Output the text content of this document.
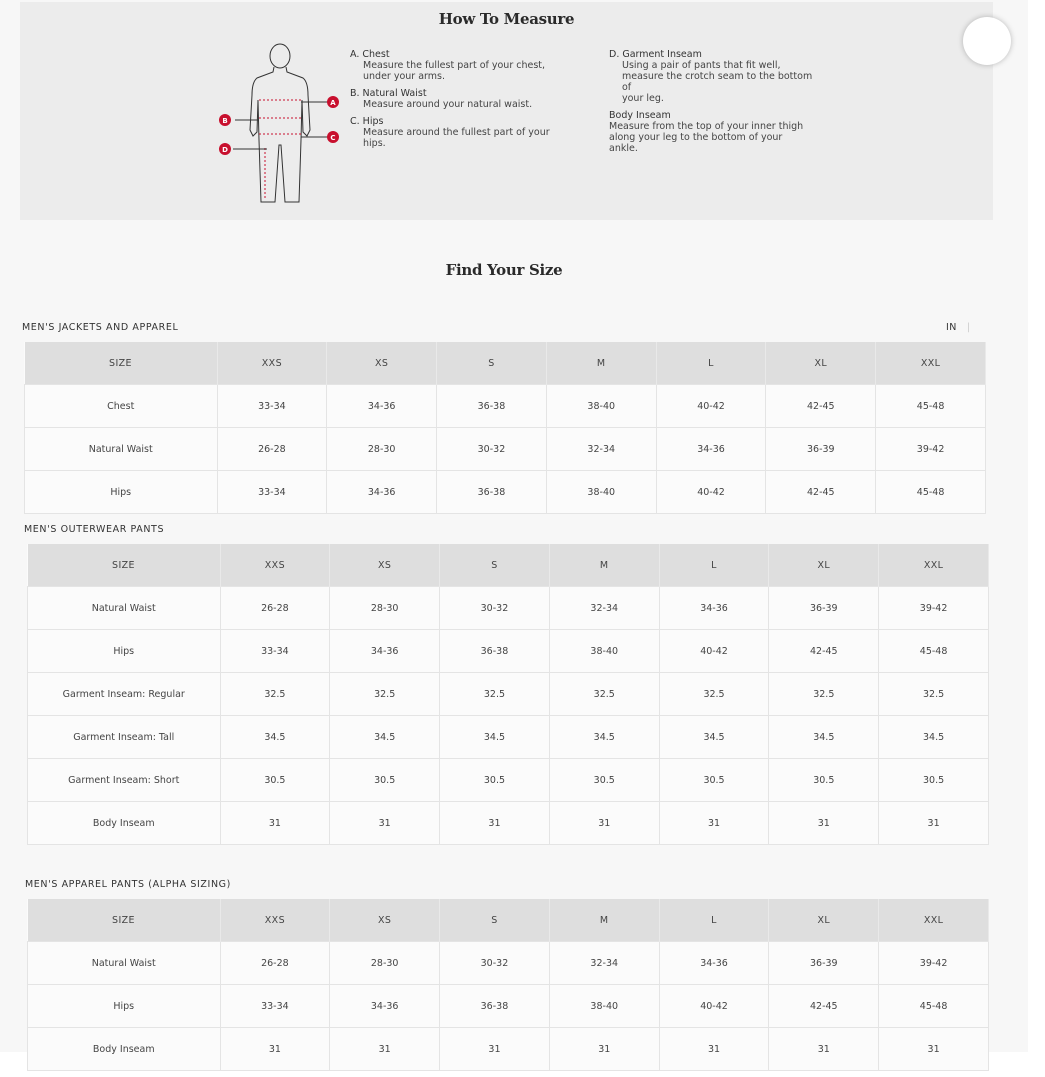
How To Measure
A
B
C
D
A. Chest
Measure the fullest part of your chest,
under your arms.
B. Natural Waist
Measure around your natural waist.
C. Hips
Measure around the fullest part of your
hips.
D. Garment Inseam
Using a pair of pants that fit well,
measure the crotch seam to the bottom of
your leg.
Body Inseam
Measure from the top of your inner thigh
along your leg to the bottom of your
ankle.
Find Your Size
MEN'S JACKETS AND APPAREL	IN |
SIZE	XXS	XS	S	M	L	XL	XXL
Chest	33-34	34-36	36-38	38-40	40-42	42-45	45-48
Natural Waist	26-28	28-30	30-32	32-34	34-36	36-39	39-42
Hips	33-34	34-36	36-38	38-40	40-42	42-45	45-48
MEN'S OUTERWEAR PANTS
SIZE	XXS	XS	S	M	L	XL	XXL
Natural Waist	26-28	28-30	30-32	32-34	34-36	36-39	39-42
Hips	33-34	34-36	36-38	38-40	40-42	42-45	45-48
Garment Inseam: Regular	32.5	32.5	32.5	32.5	32.5	32.5	32.5
Garment Inseam: Tall	34.5	34.5	34.5	34.5	34.5	34.5	34.5
Garment Inseam: Short	30.5	30.5	30.5	30.5	30.5	30.5	30.5
Body Inseam	31	31	31	31	31	31	31
MEN'S APPAREL PANTS (ALPHA SIZING)
SIZE	XXS	XS	S	M	L	XL	XXL
Natural Waist	26-28	28-30	30-32	32-34	34-36	36-39	39-42
Hips	33-34	34-36	36-38	38-40	40-42	42-45	45-48
Body Inseam	31	31	31	31	31	31	31
